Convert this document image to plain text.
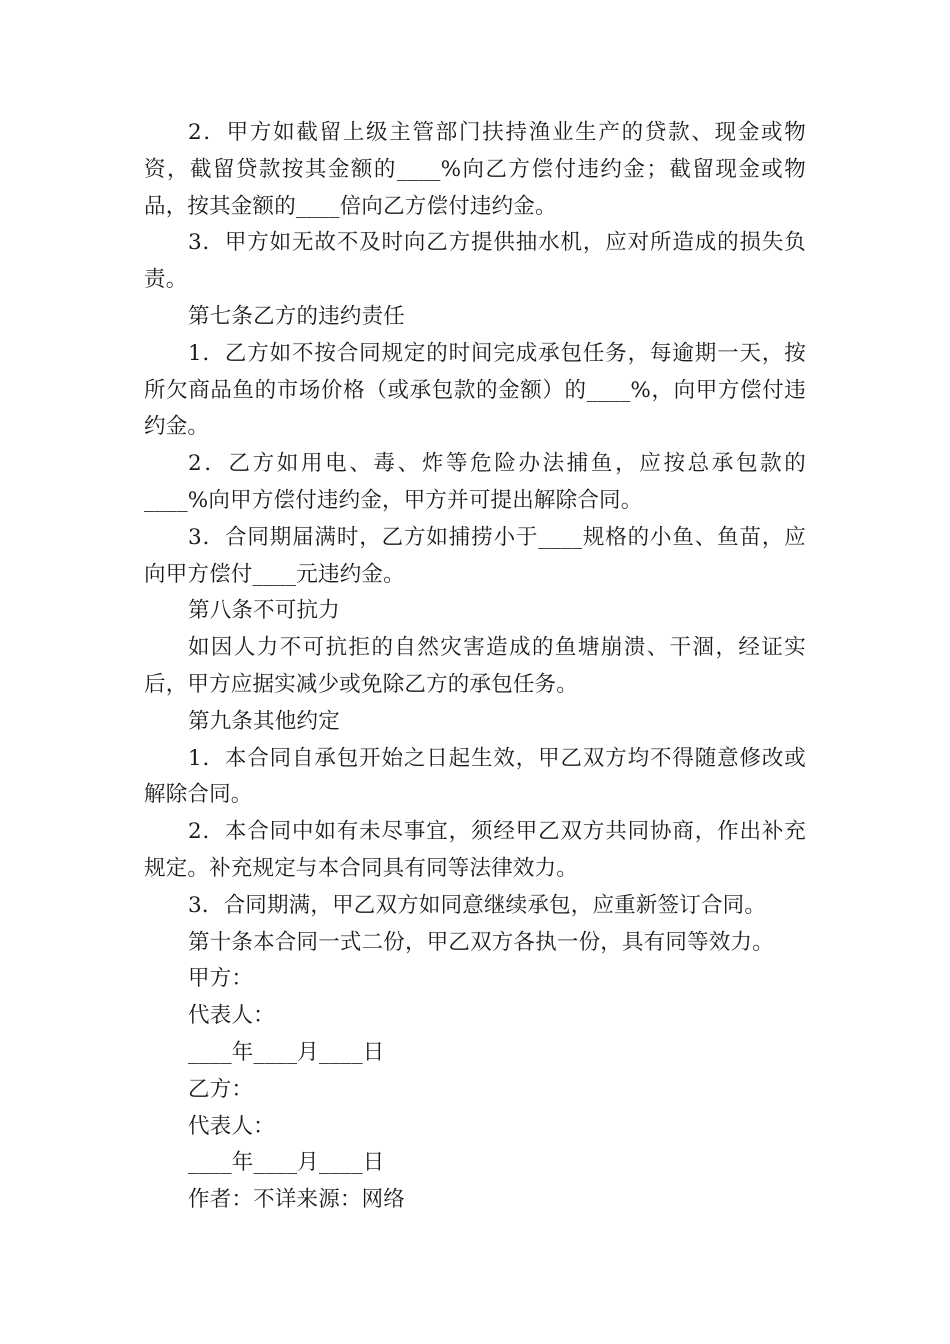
2．甲方如截留上级主管部门扶持渔业生产的贷款、现金或物资，截留贷款按其金额的____%向乙方偿付违约金；截留现金或物品，按其金额的____倍向乙方偿付违约金。

3．甲方如无故不及时向乙方提供抽水机，应对所造成的损失负责。

第七条乙方的违约责任

1．乙方如不按合同规定的时间完成承包任务，每逾期一天，按所欠商品鱼的市场价格（或承包款的金额）的____%，向甲方偿付违约金。

2．乙方如用电、毒、炸等危险办法捕鱼，应按总承包款的____%向甲方偿付违约金，甲方并可提出解除合同。

3．合同期届满时，乙方如捕捞小于____规格的小鱼、鱼苗，应向甲方偿付____元违约金。

第八条不可抗力

如因人力不可抗拒的自然灾害造成的鱼塘崩溃、干涸，经证实后，甲方应据实减少或免除乙方的承包任务。

第九条其他约定

1．本合同自承包开始之日起生效，甲乙双方均不得随意修改或解除合同。

2．本合同中如有未尽事宜，须经甲乙双方共同协商，作出补充规定。补充规定与本合同具有同等法律效力。

3．合同期满，甲乙双方如同意继续承包，应重新签订合同。

第十条本合同一式二份，甲乙双方各执一份，具有同等效力。

甲方：

代表人：

____年____月____日

乙方：

代表人：

____年____月____日

作者：不详来源：网络
